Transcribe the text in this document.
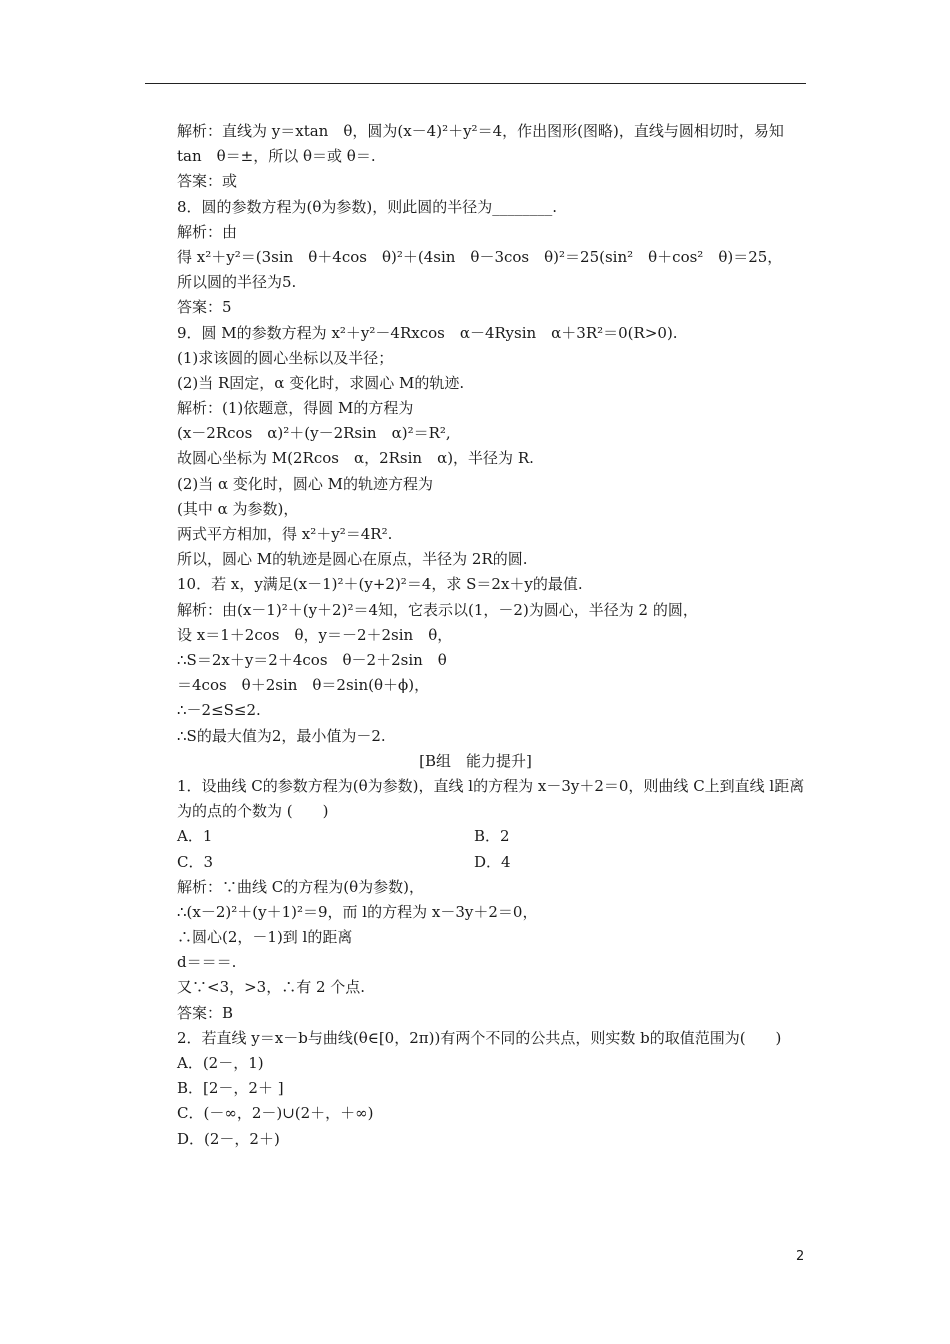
解析：直线为 y＝xtan　θ，圆为(x－4)²＋y²＝4，作出图形(图略)，直线与圆相切时，易知tan　θ＝±，所以 θ＝或 θ＝.
答案：或
8．圆的参数方程为(θ为参数)，则此圆的半径为________.
解析：由
得 x²＋y²＝(3sin　θ＋4cos　θ)²＋(4sin　θ－3cos　θ)²＝25(sin²　θ＋cos²　θ)＝25，
所以圆的半径为5.
答案：5
9．圆 M的参数方程为 x²＋y²－4Rxcos　α－4Rysin　α＋3R²＝0(R>0).
(1)求该圆的圆心坐标以及半径；
(2)当 R固定，α 变化时，求圆心 M的轨迹.
解析：(1)依题意，得圆 M的方程为
(x－2Rcos　α)²＋(y－2Rsin　α)²＝R²,
故圆心坐标为 M(2Rcos　α，2Rsin　α)，半径为 R.
(2)当 α 变化时，圆心 M的轨迹方程为
(其中 α 为参数)，
两式平方相加，得 x²＋y²＝4R².
所以，圆心 M的轨迹是圆心在原点，半径为 2R的圆.
10．若 x，y满足(x－1)²＋(y+2)²＝4，求 S＝2x＋y的最值.
解析：由(x－1)²＋(y＋2)²＝4知，它表示以(1，－2)为圆心，半径为 2 的圆，
设 x＝1＋2cos　θ，y＝－2＋2sin　θ，
∴S＝2x＋y＝2＋4cos　θ－2＋2sin　θ
＝4cos　θ＋2sin　θ＝2sin(θ＋ϕ)，
∴－2≤S≤2.
∴S的最大值为2，最小值为－2.
[B组　能力提升]
1．设曲线 C的参数方程为(θ为参数)，直线 l的方程为 x－3y＋2＝0，则曲线 C上到直线 l距离为的点的个数为 (　　)
A．1	B．2
C．3	D．4
解析：∵曲线 C的方程为(θ为参数)，
∴(x－2)²＋(y＋1)²＝9，而 l的方程为 x－3y＋2＝0，
∴圆心(2，－1)到 l的距离
d＝＝＝.
又∵<3，>3，∴有 2 个点.
答案：B
2．若直线 y＝x－b与曲线(θ∈[0，2π))有两个不同的公共点，则实数 b的取值范围为(　　)
A．(2－，1)
B．[2－，2＋ ]
C．(－∞，2－)∪(2＋，＋∞)
D．(2－，2＋)
2
